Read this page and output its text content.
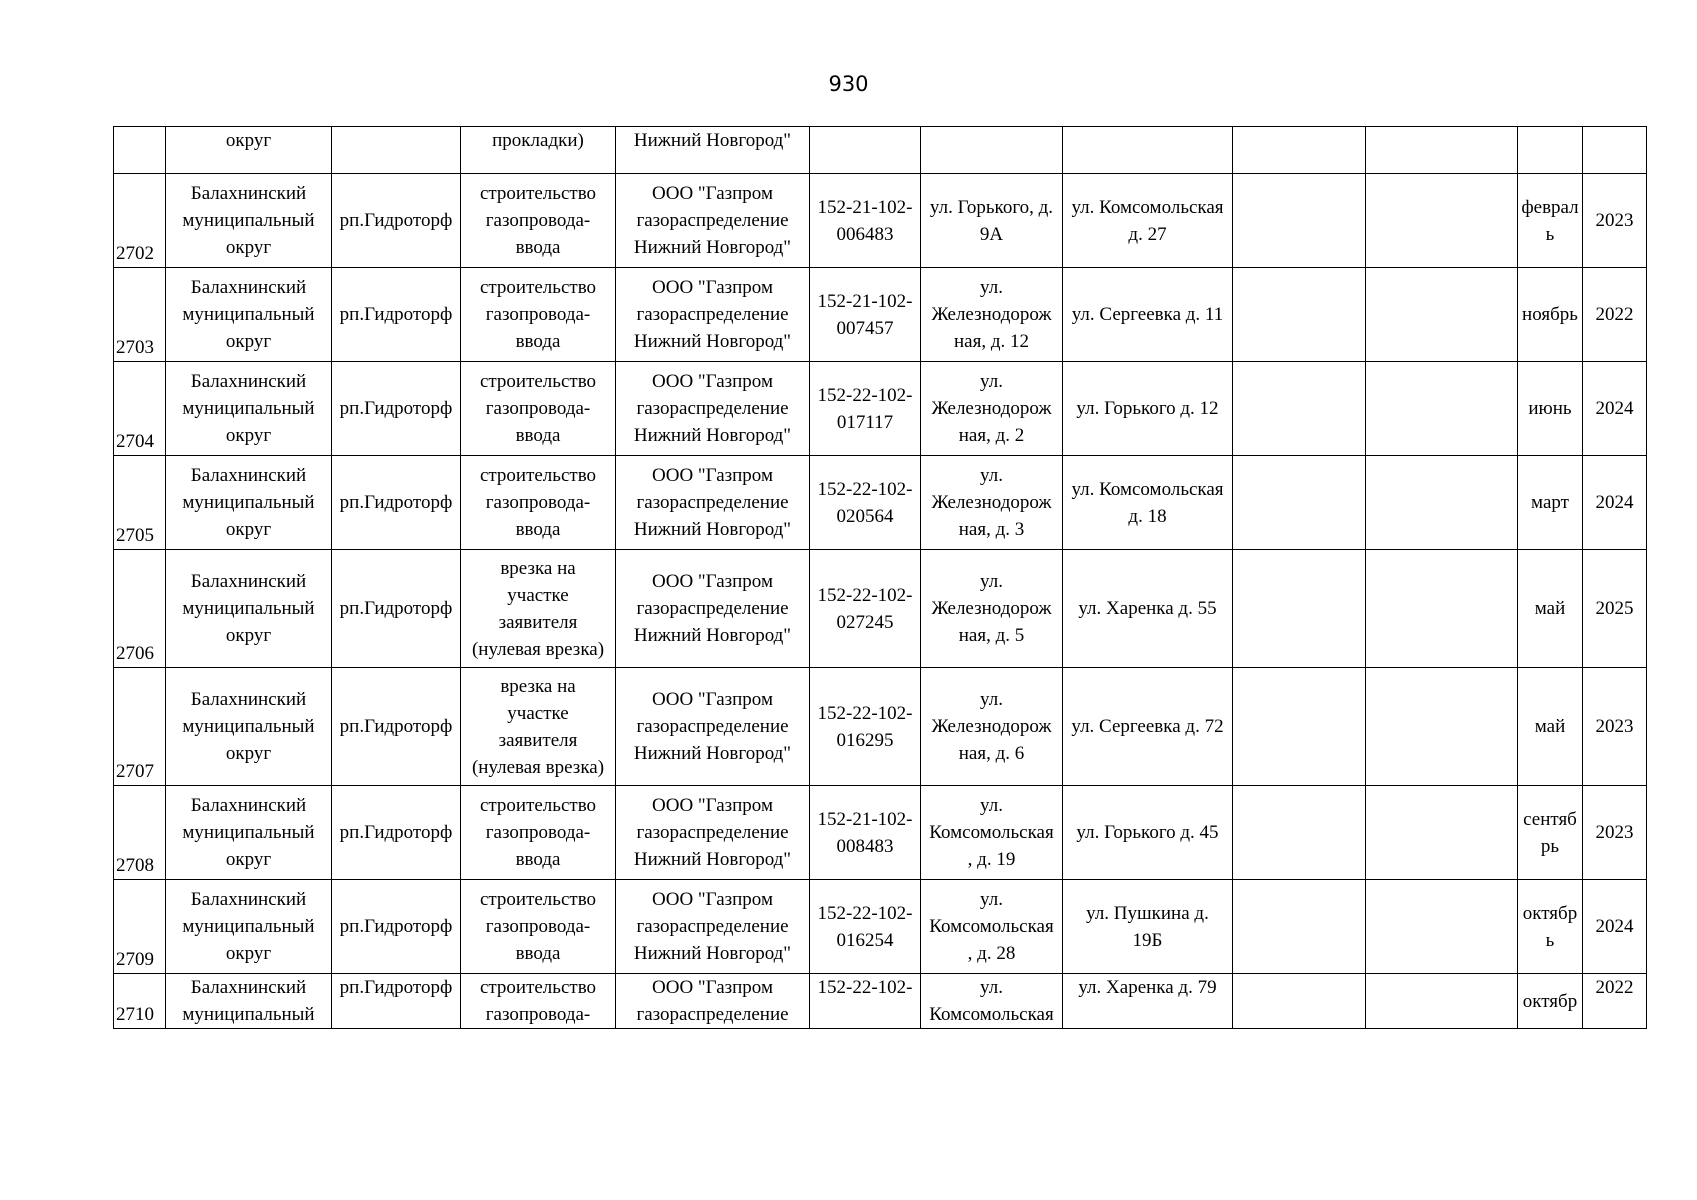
930
	округ		прокладки)	Нижний Новгород"							
2702	Балахнинский
муниципальный
округ	рп.Гидроторф	строительство
газопровода-
ввода	ООО "Газпром
газораспределение
Нижний Новгород"	152-21-102-
006483	ул. Горького, д.
9А	ул. Комсомольская
д. 27			феврал
ь	2023
2703	Балахнинский
муниципальный
округ	рп.Гидроторф	строительство
газопровода-
ввода	ООО "Газпром
газораспределение
Нижний Новгород"	152-21-102-
007457	ул.
Железнодорож
ная, д. 12	ул. Сергеевка д. 11			ноябрь	2022
2704	Балахнинский
муниципальный
округ	рп.Гидроторф	строительство
газопровода-
ввода	ООО "Газпром
газораспределение
Нижний Новгород"	152-22-102-
017117	ул.
Железнодорож
ная, д. 2	ул. Горького д. 12			июнь	2024
2705	Балахнинский
муниципальный
округ	рп.Гидроторф	строительство
газопровода-
ввода	ООО "Газпром
газораспределение
Нижний Новгород"	152-22-102-
020564	ул.
Железнодорож
ная, д. 3	ул. Комсомольская
д. 18			март	2024
2706	Балахнинский
муниципальный
округ	рп.Гидроторф	врезка на
участке
заявителя
(нулевая врезка)	ООО "Газпром
газораспределение
Нижний Новгород"	152-22-102-
027245	ул.
Железнодорож
ная, д. 5	ул. Харенка д. 55			май	2025
2707	Балахнинский
муниципальный
округ	рп.Гидроторф	врезка на
участке
заявителя
(нулевая врезка)	ООО "Газпром
газораспределение
Нижний Новгород"	152-22-102-
016295	ул.
Железнодорож
ная, д. 6	ул. Сергеевка д. 72			май	2023
2708	Балахнинский
муниципальный
округ	рп.Гидроторф	строительство
газопровода-
ввода	ООО "Газпром
газораспределение
Нижний Новгород"	152-21-102-
008483	ул.
Комсомольская
, д. 19	ул. Горького д. 45			сентяб
рь	2023
2709	Балахнинский
муниципальный
округ	рп.Гидроторф	строительство
газопровода-
ввода	ООО "Газпром
газораспределение
Нижний Новгород"	152-22-102-
016254	ул.
Комсомольская
, д. 28	ул. Пушкина д.
19Б			октябр
ь	2024
2710	Балахнинский
муниципальный	рп.Гидроторф	строительство
газопровода-	ООО "Газпром
газораспределение	152-22-102-	ул.
Комсомольская	ул. Харенка д. 79			октябр	2022
